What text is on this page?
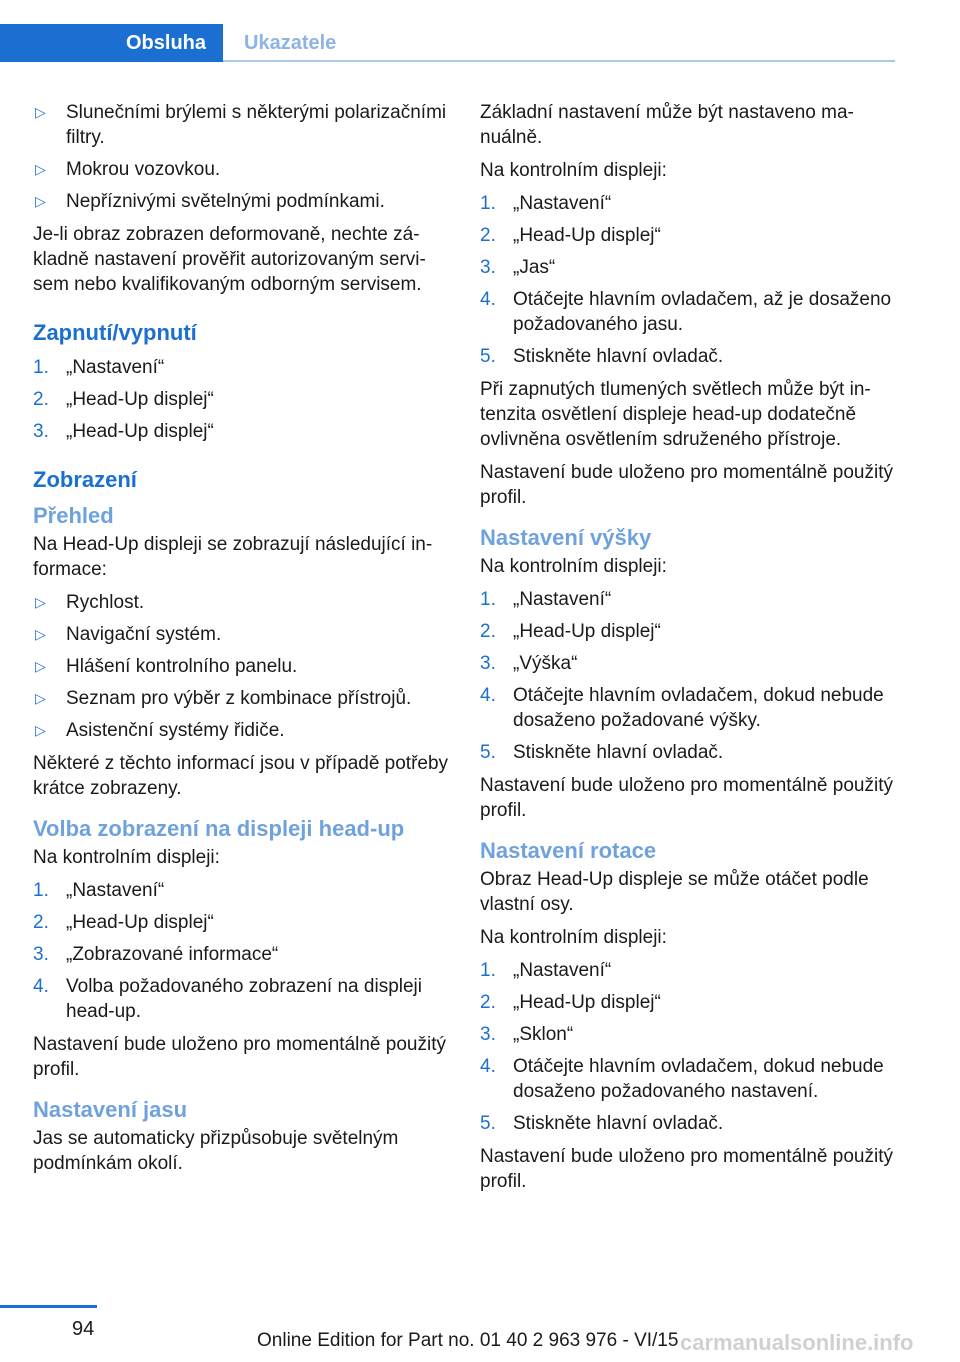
Obsluha	Ukazatele
▷ Slunečními brýlemi s některými polarizačními filtry.
▷ Mokrou vozovkou.
▷ Nepříznivými světelnými podmínkami.

Je-li obraz zobrazen deformovaně, nechte základně nastavení prověřit autorizovaným servisem nebo kvalifikovaným odborným servisem.

Zapnutí/vypnutí
1. „Nastavení“
2. „Head-Up displej“
3. „Head-Up displej“
Zobrazení
Přehled

Na Head-Up displeji se zobrazují následující informace:

▷ Rychlost.
▷ Navigační systém.
▷ Hlášení kontrolního panelu.
▷ Seznam pro výběr z kombinace přístrojů.
▷ Asistenční systémy řidiče.

Některé z těchto informací jsou v případě potřeby krátce zobrazeny.

Volba zobrazení na displeji head-up

Na kontrolním displeji:

1. „Nastavení“
2. „Head-Up displej“
3. „Zobrazované informace“
4. Volba požadovaného zobrazení na displeji head-up.

Nastavení bude uloženo pro momentálně použitý profil.

Nastavení jasu

Jas se automaticky přizpůsobuje světelným podmínkám okolí.

Základní nastavení může být nastaveno manuálně.

Na kontrolním displeji:

1. „Nastavení“
2. „Head-Up displej“
3. „Jas“
4. Otáčejte hlavním ovladačem, až je dosaženo požadovaného jasu.
5. Stiskněte hlavní ovladač.

Při zapnutých tlumených světlech může být intenzita osvětlení displeje head-up dodatečně ovlivněna osvětlením sdruženého přístroje.

Nastavení bude uloženo pro momentálně použitý profil.

Nastavení výšky

Na kontrolním displeji:

1. „Nastavení“
2. „Head-Up displej“
3. „Výška“
4. Otáčejte hlavním ovladačem, dokud nebude dosaženo požadované výšky.
5. Stiskněte hlavní ovladač.

Nastavení bude uloženo pro momentálně použitý profil.

Nastavení rotace

Obraz Head-Up displeje se může otáčet podle vlastní osy.

Na kontrolním displeji:

1. „Nastavení“
2. „Head-Up displej“
3. „Sklon“
4. Otáčejte hlavním ovladačem, dokud nebude dosaženo požadovaného nastavení.
5. Stiskněte hlavní ovladač.

Nastavení bude uloženo pro momentálně použitý profil.

94
Online Edition for Part no. 01 40 2 963 976 - VI/15 carmanualsonline.info
